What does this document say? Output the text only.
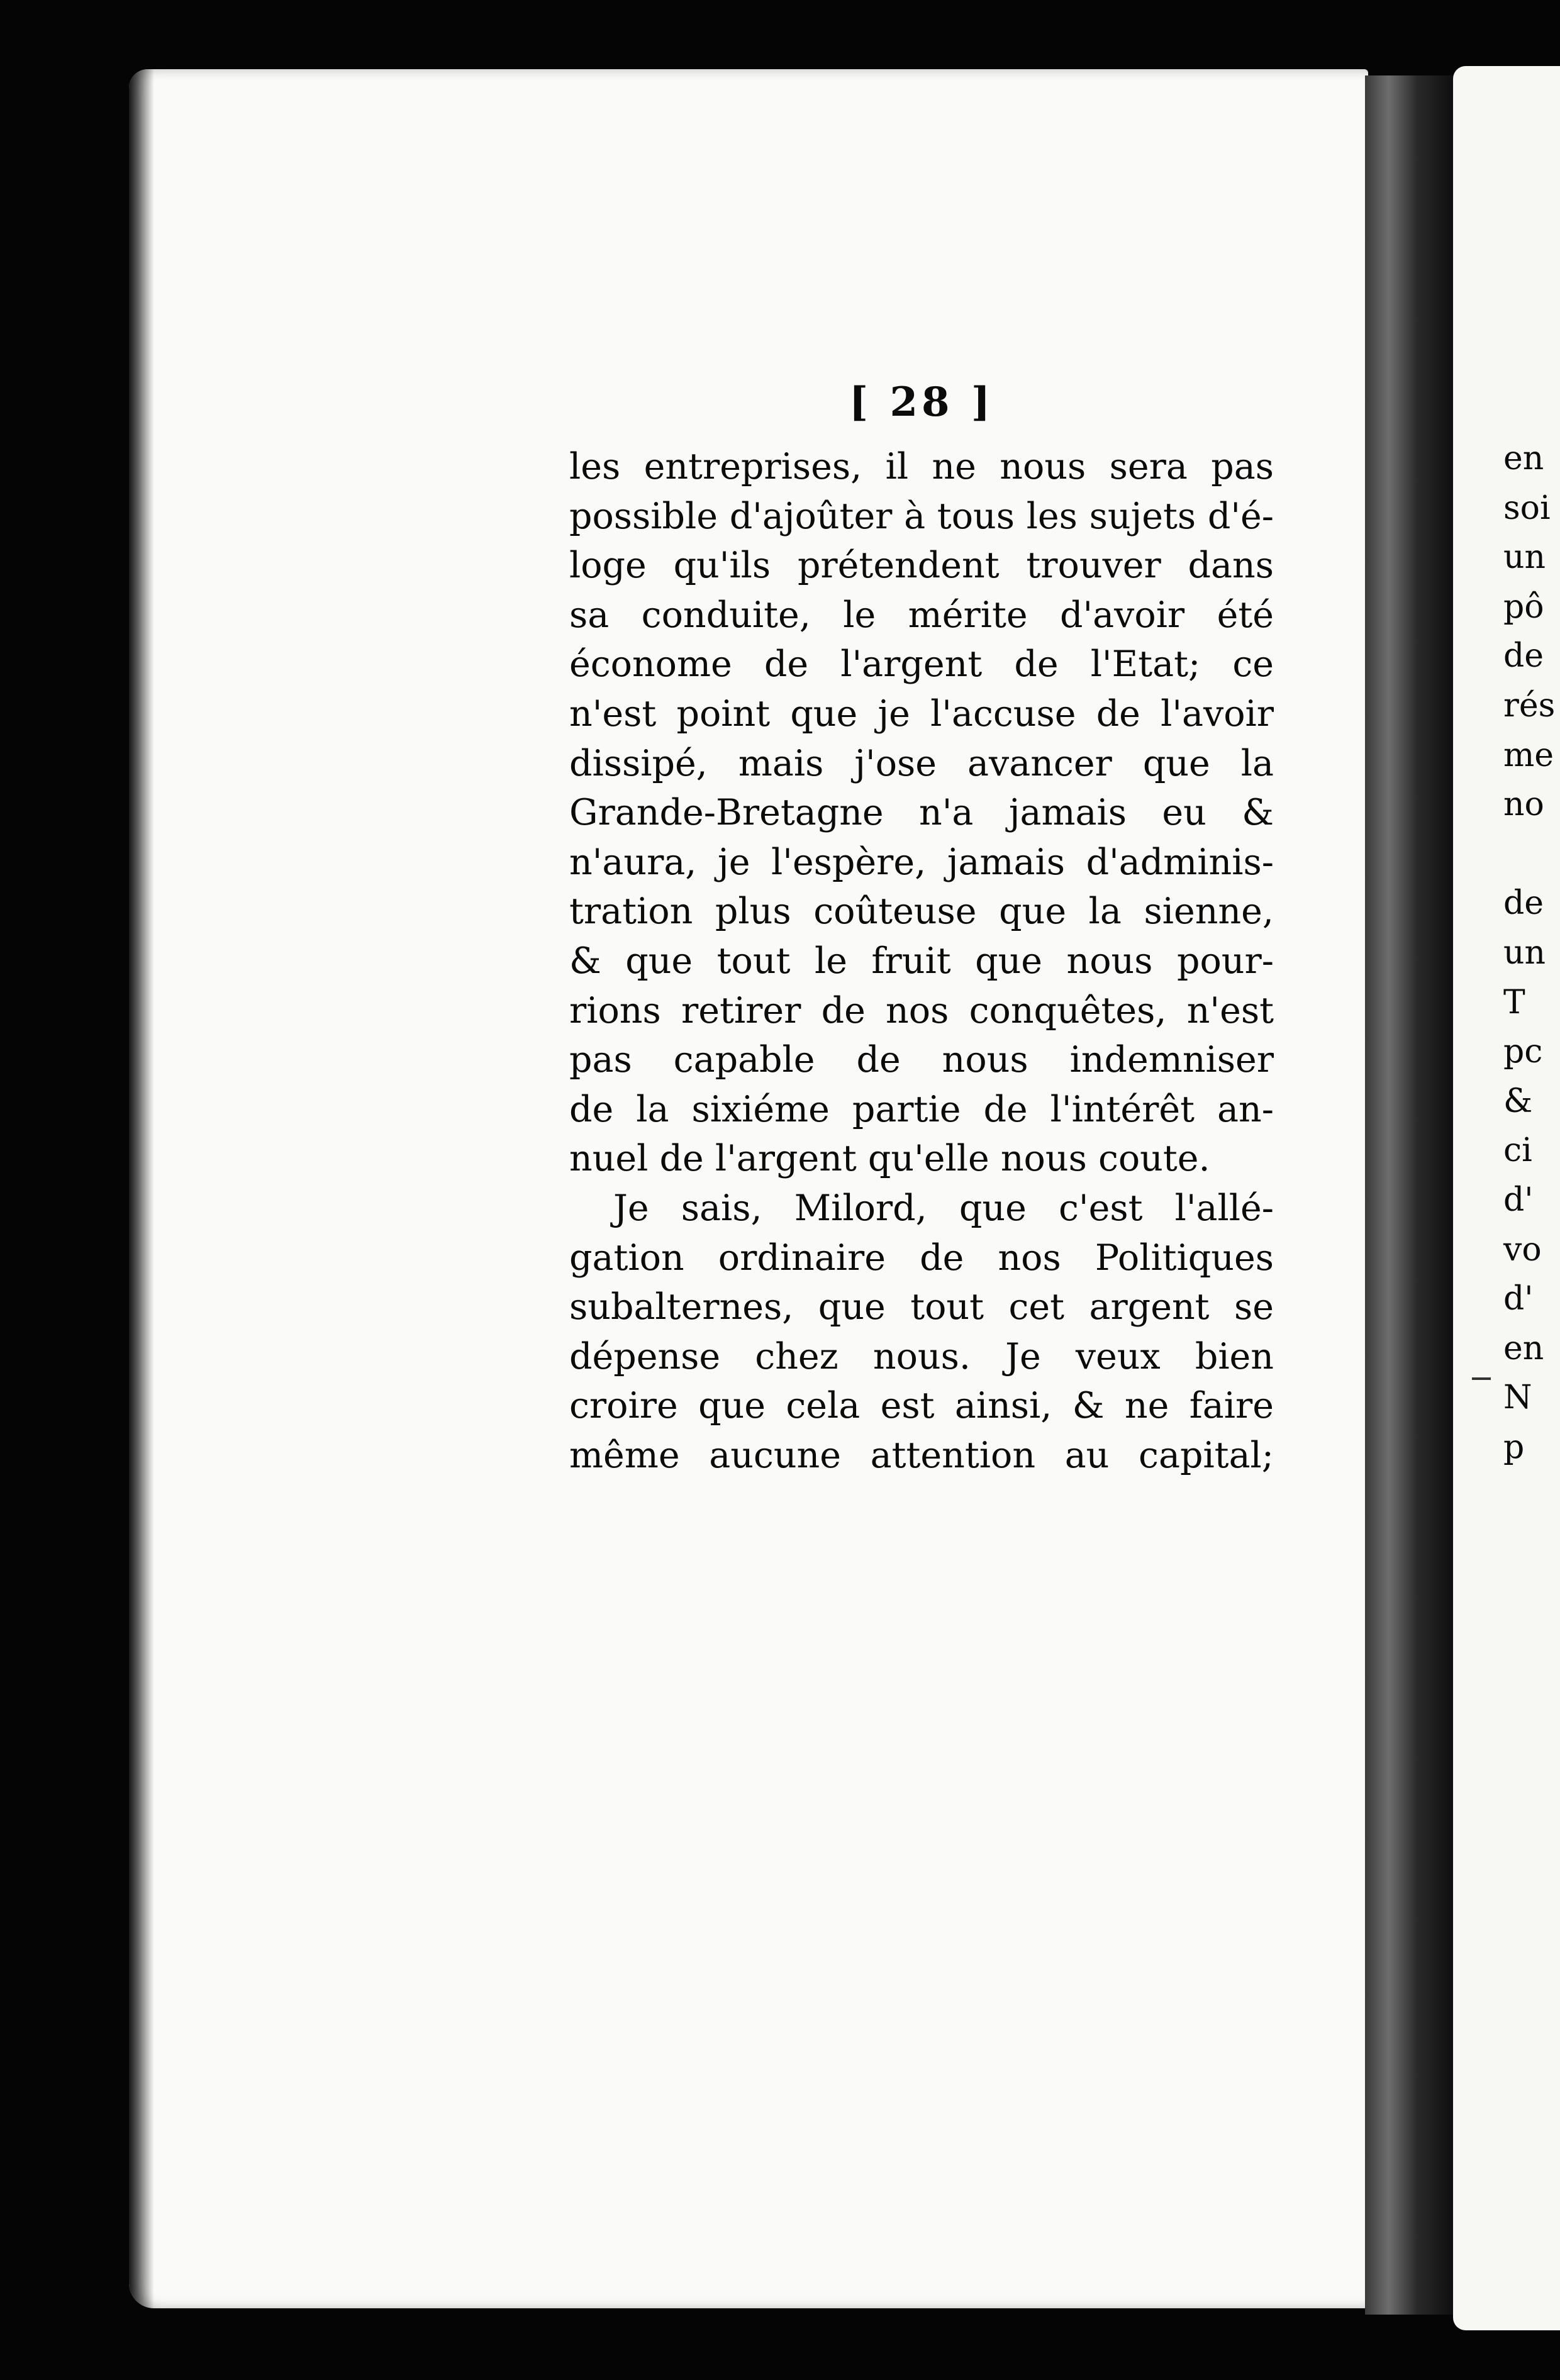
[ 28 ]
les entreprises, il ne nous sera pas
possible d'ajoûter à tous les sujets d'é-
loge qu'ils prétendent trouver dans
sa conduite, le mérite d'avoir été
économe de l'argent de l'Etat; ce
n'est point que je l'accuse de l'avoir
dissipé, mais j'ose avancer que la
Grande-Bretagne n'a jamais eu &
n'aura, je l'espère, jamais d'adminis-
tration plus coûteuse que la sienne,
& que tout le fruit que nous pour-
rions retirer de nos conquêtes, n'est
pas capable de nous indemniser
de la sixiéme partie de l'intérêt an-
nuel de l'argent qu'elle nous coute.
Je sais, Milord, que c'est l'allé-
gation ordinaire de nos Politiques
subalternes, que tout cet argent se
dépense chez nous. Je veux bien
croire que cela est ainsi, & ne faire
même aucune attention au capital;
en
soi
un
pô
de
rés
me
no
de
un
T
pc
&
ci
d'
vo
d'
en
N
p
